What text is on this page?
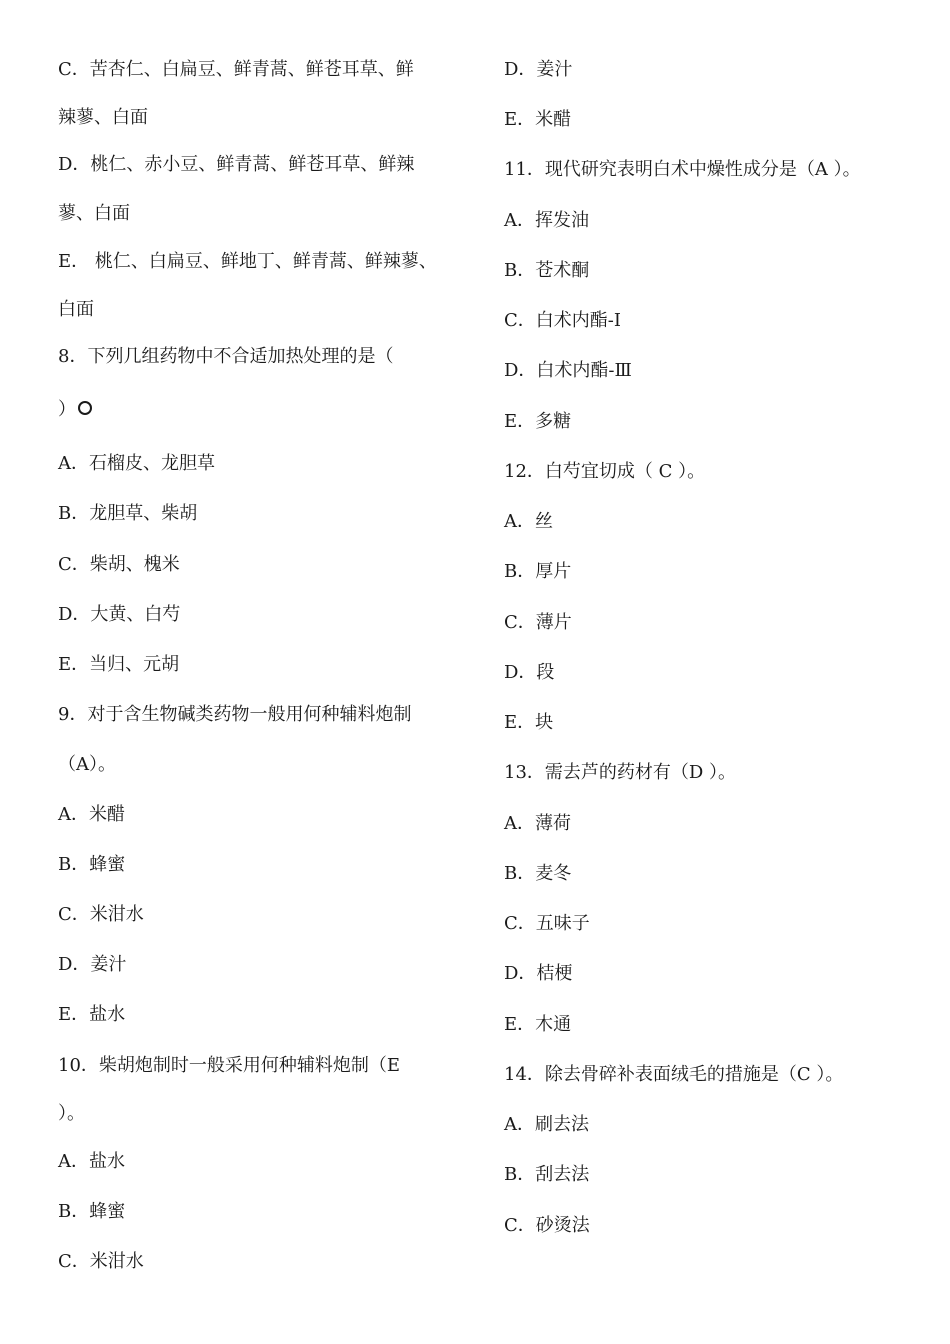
C．苦杏仁、白扁豆、鲜青蒿、鲜苍耳草、鲜
辣蓼、白面
D．桃仁、赤小豆、鲜青蒿、鲜苍耳草、鲜辣
蓼、白面
E． 桃仁、白扁豆、鲜地丁、鲜青蒿、鲜辣蓼、
白面
8．下列几组药物中不合适加热处理的是（
）
A．石榴皮、龙胆草
B．龙胆草、柴胡
C．柴胡、槐米
D．大黄、白芍
E．当归、元胡
9．对于含生物碱类药物一般用何种辅料炮制
（A）。
A．米醋
B．蜂蜜
C．米泔水
D．姜汁
E．盐水
10．柴胡炮制时一般采用何种辅料炮制（E
）。
A．盐水
B．蜂蜜
C．米泔水
D．姜汁
E．米醋
11．现代研究表明白术中燥性成分是（A ）。
A．挥发油
B．苍术酮
C．白术内酯-Ⅰ
D．白术内酯-Ⅲ
E．多糖
12．白芍宜切成（ C ）。
A．丝
B．厚片
C．薄片
D．段
E．块
13．需去芦的药材有（D ）。
A．薄荷
B．麦冬
C．五味子
D．桔梗
E．木通
14．除去骨碎补表面绒毛的措施是（C ）。
A．刷去法
B．刮去法
C．砂烫法
